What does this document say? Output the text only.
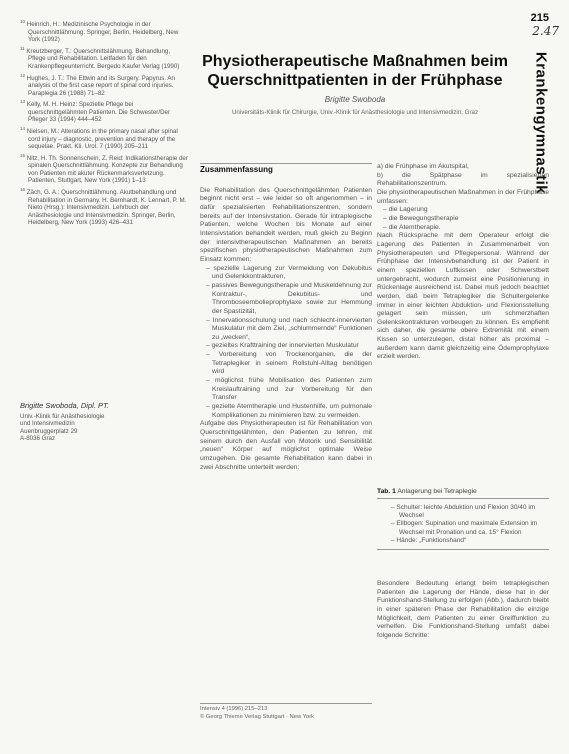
215
2.47
Krankengymnastik
Physiotherapeutische Maßnahmen beim Querschnittpatienten in der Frühphase
Brigitte Swoboda
Universitäts-Klinik für Chirurgie, Univ.-Klinik für Anästhesiologie und Intensivmedizin, Graz
$^{10}$ Heinrich, H.: Medizinische Psychologie in der Querschnittlähmung. Springer, Berlin, Heidelberg, New York (1992)
$^{11}$ Kreutzberger, T.: Querschnittslähmung. Behandlung, Pflege und Rehabilitation. Leitfaden für den Krankenpflegeunterricht. Bergedo Kaufer Verlag (1990)
$^{12}$ Hughes, J. T.: The Ettwin and its Surgery. Papyrus. An analysis of the first case report of spinal cord injuries. Paraplegia 26 (1988) 71–82
$^{13}$ Kelly, M. H. Heinz: Spezielle Pflege bei querschnittgelähmten Patienten. Die Schwester/Der Pfleger 33 (1994) 444–452
$^{14}$ Nielsen, M.: Alterations in the primary nasal after spinal cord injury – diagnostic, prevention and therapy of the sequelae. Prakt. Kli. Urol. 7 (1990) 205–211
$^{15}$ Nitz, H. Th. Sonnenschein, Z. Reid: Indikationstherapie der spinalen Querschnittlähmung. Konzepte zur Behandlung von Patienten mit akuter Rückenmarksverletzung. Patienten, Stuttgart, New York (1991) 1–13
$^{16}$ Zäch, G. A.: Querschnittlähmung. Akutbehandlung und Rehabilitation in Germany. H. Bernhardt, K. Lennart, P. M. Nieto (Hrsg.): Intensivmedizin. Lehrbuch der Anästhesiologie und Intensivmedizin. Springer, Berlin, Heidelberg, New York (1993) 426–431
Brigitte Swoboda, Dipl. PT.
Univ.-Klinik für Anästhesiologie
und Intensivmedizin
Auenbruggerplatz 29
A-8036 Graz
Zusammenfassung

Die Rehabilitation des Querschnittgelähmten Patienten beginnt nicht erst – wie leider so oft angenommen – in dafür spezialisierten Rehabilitationszentren, sondern bereits auf der Intensivstation. Gerade für intraplegische Patienten, welche Wochen bis Monate auf einer Intensivstation behandelt werden, muß gleich zu Beginn der intensivtherapeutischen Maßnahmen an bereits spezifischen physiotherapeutischen Maßnahmen zum Einsatz kommen:

– spezielle Lagerung zur Vermeidung von Dekubitus und Gelenkkontrakturen,
– passives Bewegungstherapie und Muskeldehnung zur Kontraktur-, Dekubitus- und Thromboseembolieprophylaxe sowie zur Hemmung der Spastizität,
– Innervationsschulung und nach schlecht-innervierten Muskulatur mit dem Ziel, „schlummernde“ Funktionen zu „wecken“,
– gezieltes Krafttraining der innervierten Muskulatur
– Vorbereitung von Trockenorganen, die der Tetraplegiker in seinem Rollstuhl-Alltag benötigen wird
– möglichst frühe Mobilisation des Patienten zum Kreislauftraining und zur Vorbereitung für den Transfer
– gezielte Atemtherapie und Hustenhilfe, um pulmonale Komplikationen zu minimieren bzw. zu vermeiden.

Aufgabe des Physiotherapeuten ist für Rehabilitation von Querschnittgelähmten, den Patienten zu lehren, mit seinem durch den Ausfall von Motorik und Sensibilität „neuen“ Körper auf möglichst optimale Weise umzugehen. Die gesamte Rehabilitation kann dabei in zwei Abschnitte unterteilt werden:

a) die Frühphase im Akutspital,

b) die Spätphase im spezialisierten Rehabilitationszentrum.

Die physiotherapeutischen Maßnahmen in der Frühphase umfassen:

– die Lagerung
– die Bewegungstherapie
– die Atemtherapie.

Nach Rücksprache mit dem Operateur erfolgt die Lagerung des Patienten in Zusammenarbeit von Physiotherapeuten und Pflegepersonal. Während der Frühphase der Intensivbehandlung ist der Patient in einem speziellen Luftkissen oder Schwerstbett untergebracht, wodurch zumeist eine Positionierung in Rückenlage ausreichend ist. Dabei muß jedoch beachtet werden, daß beim Tetraplegiker die Schultergelenke immer in einer leichten Abduktion- und Flexionsstellung gelagert sein müssen, um schmerzhaften Gelenkskontrakturen vorbeugen zu können. Es empfiehlt sich daher, die gesamte obere Extremität mit einem Kissen so unterzulegen, distal höher als proximal – außerdem kann damit gleichzeitig eine Ödemprophylaxe erzielt werden.

Tab. 1 Anlagerung bei Tetraplegie
– Schulter: leichte Abduktion und Flexion 30/40 im Wechsel
– Ellbogen: Supination und maximale Extension im Wechsel mit Pronation und ca. 15° Flexion
– Hände: „Funktionshand“

Besondere Bedeutung erlangt beim tetraplegischen Patienten die Lagerung der Hände, diese hat in der Funktionshand-Stellung zu erfolgen (Abb.), dadurch bleibt in einer späteren Phase der Rehabilitation die einzige Möglichkeit, dem Patienten zu einer Greiffunktion zu verhelfen. Die Funktionshand-Stellung umfaßt dabei folgende Schritte:

Intensiv 4 (1996) 215–213
© Georg Thieme Verlag Stuttgart · New York
